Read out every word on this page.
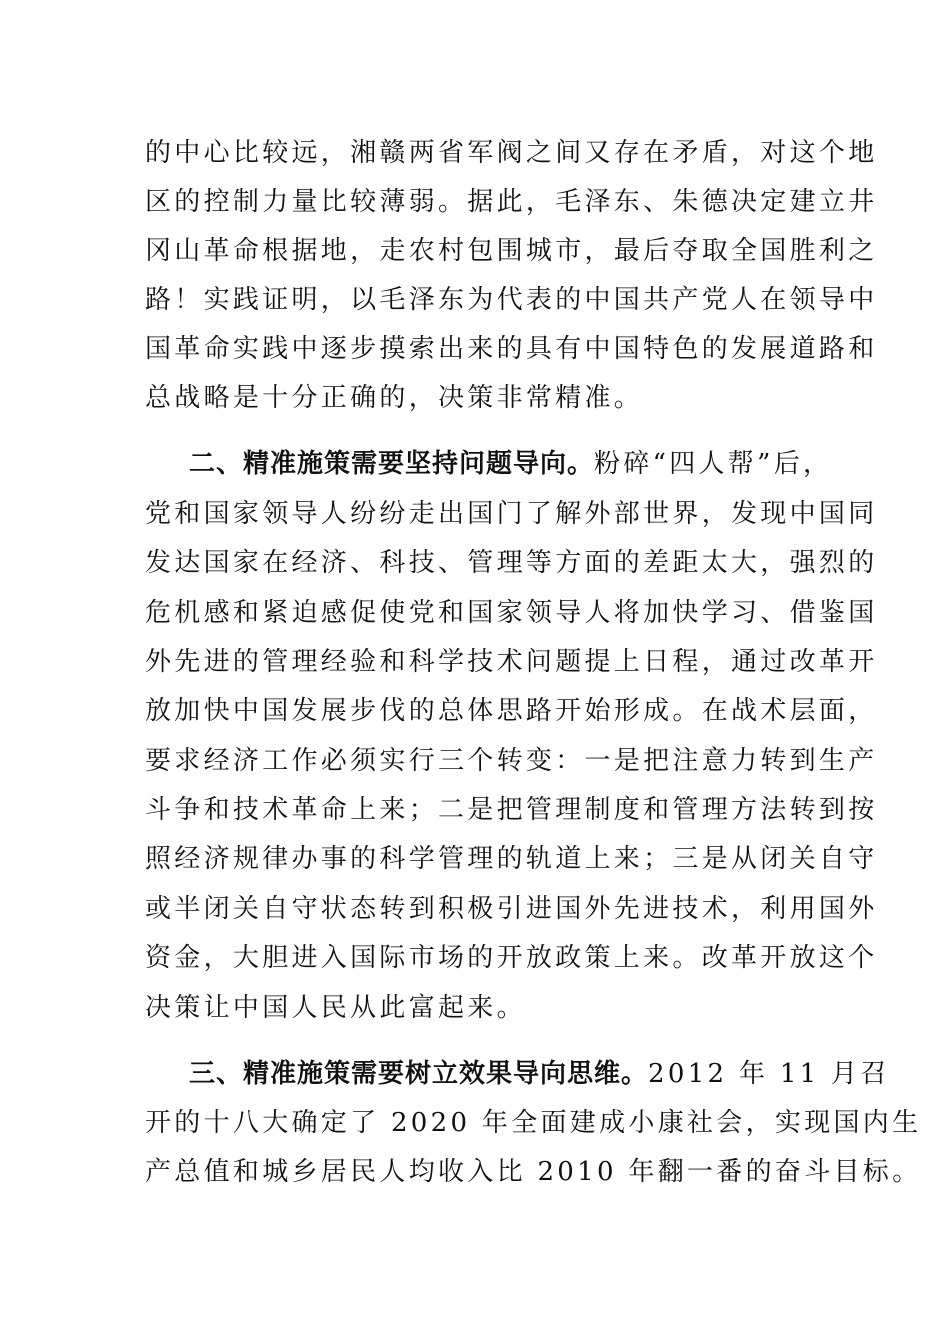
的中心比较远，湘赣两省军阀之间又存在矛盾，对这个地
区的控制力量比较薄弱。据此，毛泽东、朱德决定建立井
冈山革命根据地，走农村包围城市，最后夺取全国胜利之
路！实践证明，以毛泽东为代表的中国共产党人在领导中
国革命实践中逐步摸索出来的具有中国特色的发展道路和
总战略是十分正确的，决策非常精准。
二、精准施策需要坚持问题导向。粉碎“四人帮”后，
党和国家领导人纷纷走出国门了解外部世界，发现中国同
发达国家在经济、科技、管理等方面的差距太大，强烈的
危机感和紧迫感促使党和国家领导人将加快学习、借鉴国
外先进的管理经验和科学技术问题提上日程，通过改革开
放加快中国发展步伐的总体思路开始形成。在战术层面，
要求经济工作必须实行三个转变：一是把注意力转到生产
斗争和技术革命上来；二是把管理制度和管理方法转到按
照经济规律办事的科学管理的轨道上来；三是从闭关自守
或半闭关自守状态转到积极引进国外先进技术，利用国外
资金，大胆进入国际市场的开放政策上来。改革开放这个
决策让中国人民从此富起来。
三、精准施策需要树立效果导向思维。2012 年 11 月召
开的十八大确定了 2020 年全面建成小康社会，实现国内生
产总值和城乡居民人均收入比 2010 年翻一番的奋斗目标。
